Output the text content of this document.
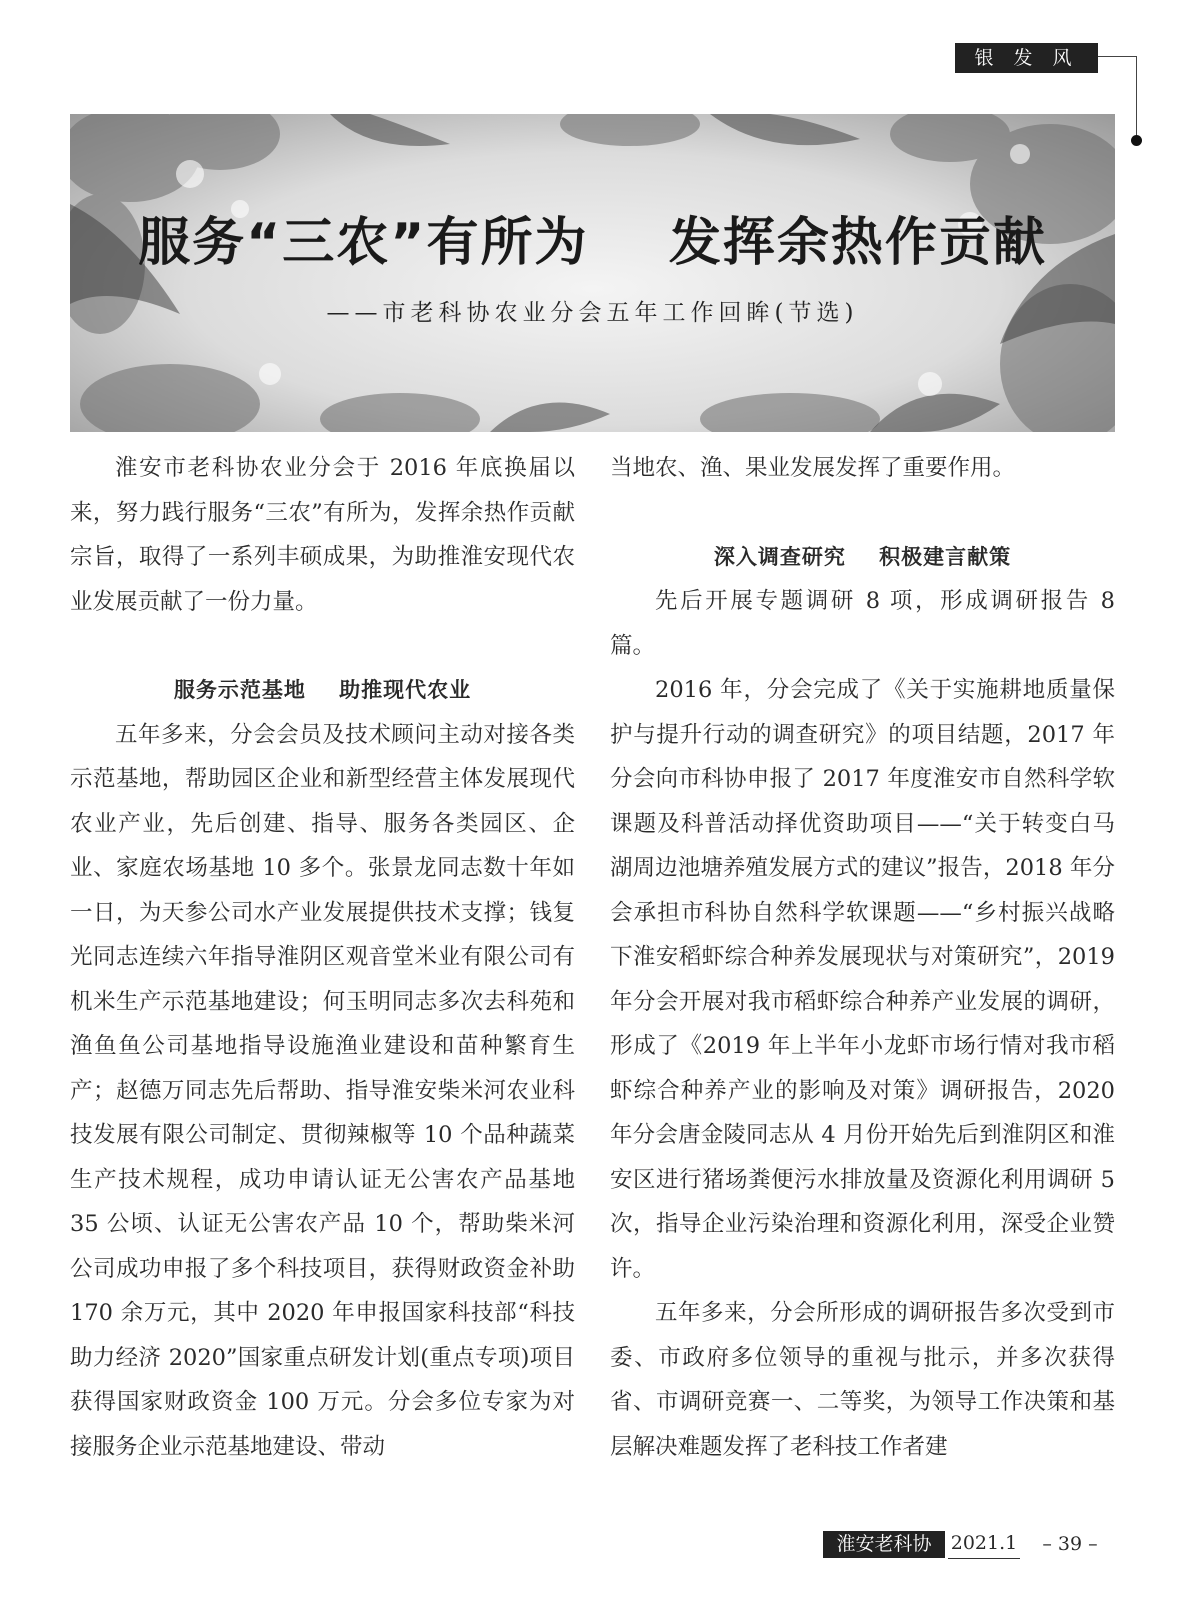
银 发 风 采
服务“三农”有所为    发挥余热作贡献
——市老科协农业分会五年工作回眸(节选)

淮安市老科协农业分会于 2016 年底换届以来，努力践行服务“三农”有所为，发挥余热作贡献宗旨，取得了一系列丰硕成果，为助推淮安现代农业发展贡献了一份力量。

服务示范基地    助推现代农业

五年多来，分会会员及技术顾问主动对接各类示范基地，帮助园区企业和新型经营主体发展现代农业产业，先后创建、指导、服务各类园区、企业、家庭农场基地 10 多个。张景龙同志数十年如一日，为天参公司水产业发展提供技术支撑；钱复光同志连续六年指导淮阴区观音堂米业有限公司有机米生产示范基地建设；何玉明同志多次去科苑和渔鱼鱼公司基地指导设施渔业建设和苗种繁育生产；赵德万同志先后帮助、指导淮安柴米河农业科技发展有限公司制定、贯彻辣椒等 10 个品种蔬菜生产技术规程，成功申请认证无公害农产品基地 35 公顷、认证无公害农产品 10 个，帮助柴米河公司成功申报了多个科技项目，获得财政资金补助 170 余万元，其中 2020 年申报国家科技部“科技助力经济 2020”国家重点研发计划(重点专项)项目获得国家财政资金 100 万元。分会多位专家为对接服务企业示范基地建设、带动

当地农、渔、果业发展发挥了重要作用。

深入调查研究    积极建言献策

先后开展专题调研 8 项，形成调研报告 8 篇。

2016 年，分会完成了《关于实施耕地质量保护与提升行动的调查研究》的项目结题，2017 年分会向市科协申报了 2017 年度淮安市自然科学软课题及科普活动择优资助项目——“关于转变白马湖周边池塘养殖发展方式的建议”报告，2018 年分会承担市科协自然科学软课题——“乡村振兴战略下淮安稻虾综合种养发展现状与对策研究”，2019 年分会开展对我市稻虾综合种养产业发展的调研，形成了《2019 年上半年小龙虾市场行情对我市稻虾综合种养产业的影响及对策》调研报告，2020 年分会唐金陵同志从 4 月份开始先后到淮阴区和淮安区进行猪场粪便污水排放量及资源化利用调研 5 次，指导企业污染治理和资源化利用，深受企业赞许。

五年多来，分会所形成的调研报告多次受到市委、市政府多位领导的重视与批示，并多次获得省、市调研竞赛一、二等奖，为领导工作决策和基层解决难题发挥了老科技工作者建

淮安老科协	2021.1 – 39 –
